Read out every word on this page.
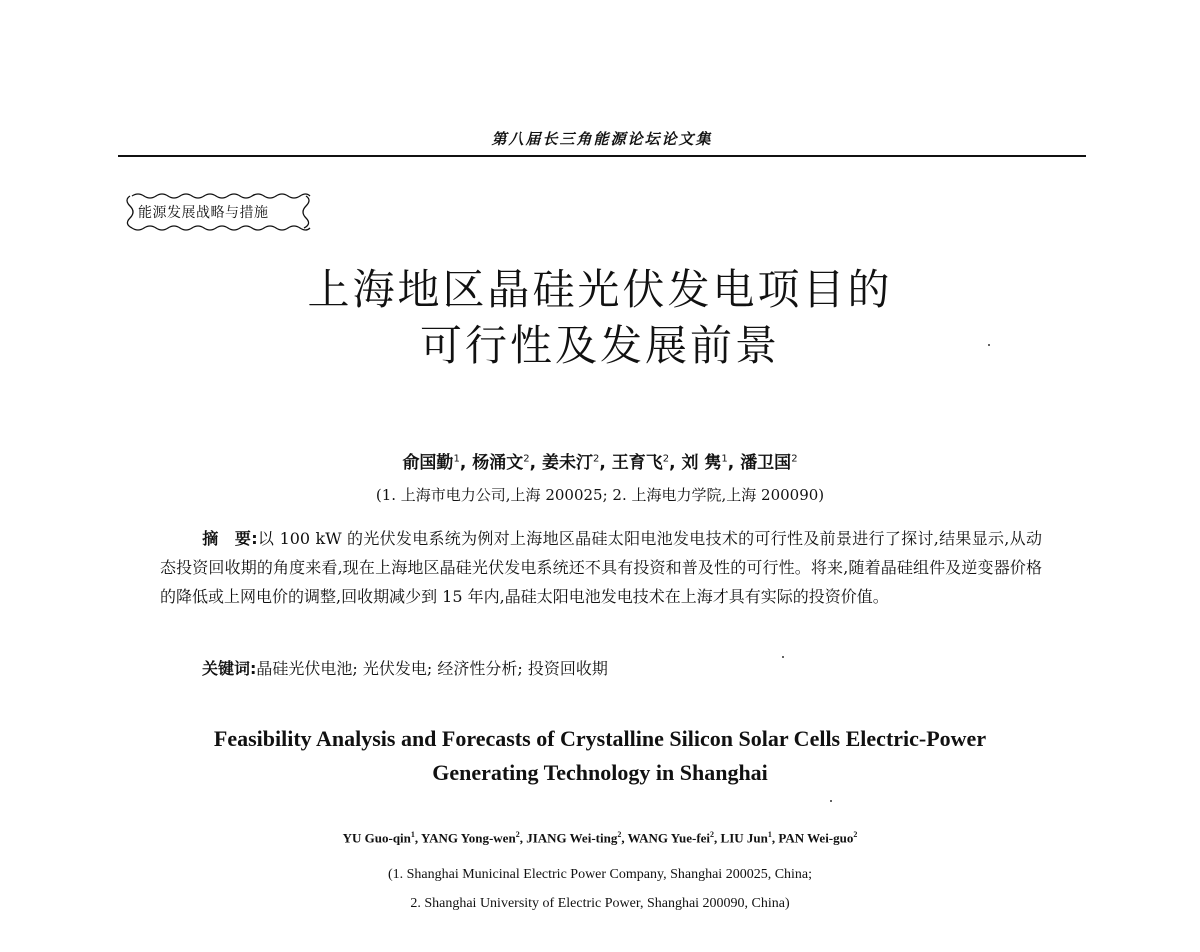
第八届长三角能源论坛论文集
能源发展战略与措施
上海地区晶硅光伏发电项目的
可行性及发展前景
俞国勤$^1$, 杨涌文$^2$, 姜未汀$^2$, 王育飞$^2$, 刘 隽$^1$, 潘卫国$^2$
(1. 上海市电力公司,上海 200025; 2. 上海电力学院,上海 200090)
摘　要:以 100 kW 的光伏发电系统为例对上海地区晶硅太阳电池发电技术的可行性及前景进行了探讨,结果显示,从动态投资回收期的角度来看,现在上海地区晶硅光伏发电系统还不具有投资和普及性的可行性。将来,随着晶硅组件及逆变器价格的降低或上网电价的调整,回收期减少到 15 年内,晶硅太阳电池发电技术在上海才具有实际的投资价值。
关键词:晶硅光伏电池; 光伏发电; 经济性分析; 投资回收期
Feasibility Analysis and Forecasts of Crystalline Silicon Solar Cells Electric-Power
Generating Technology in Shanghai
YU Guo-qin$^1$, YANG Yong-wen$^2$, JIANG Wei-ting$^2$, WANG Yue-fei$^2$, LIU Jun$^1$, PAN Wei-guo$^2$
(1. Shanghai Municinal Electric Power Company, Shanghai 200025, China;
2. Shanghai University of Electric Power, Shanghai 200090, China)
